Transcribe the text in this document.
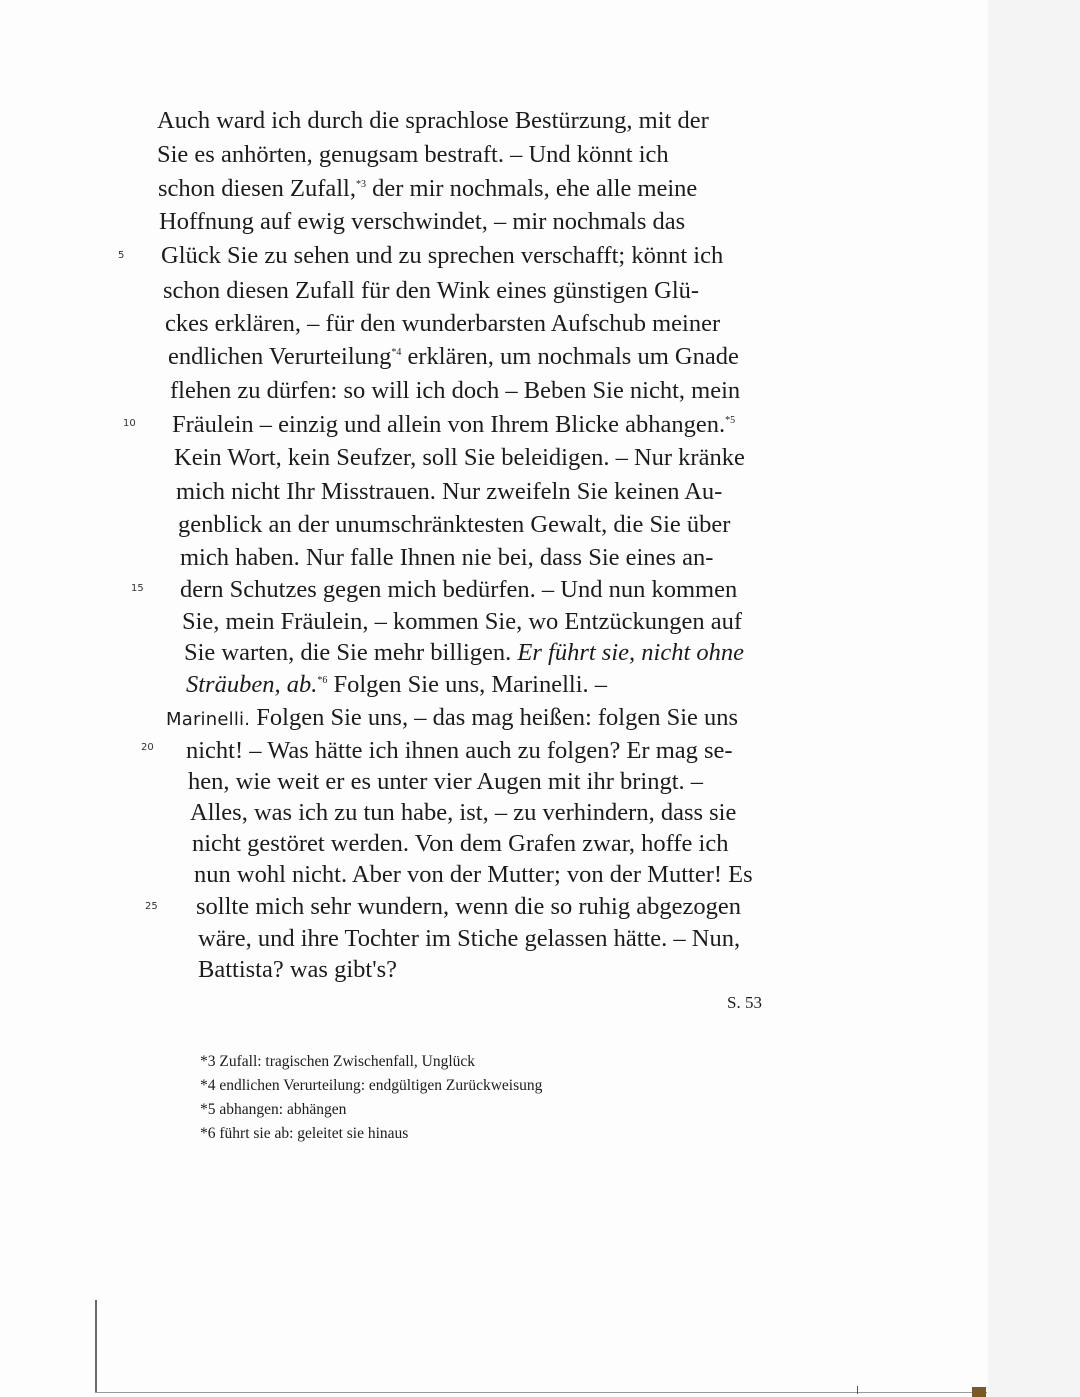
Auch ward ich durch die sprachlose Bestürzung, mit der
Sie es anhörten, genugsam bestraft. – Und könnt ich
schon diesen Zufall,$^{*3}$ der mir nochmals, ehe alle meine
Hoffnung auf ewig verschwindet, – mir nochmals das
Glück Sie zu sehen und zu sprechen verschafft; könnt ich
schon diesen Zufall für den Wink eines günstigen Glü-
ckes erklären, – für den wunderbarsten Aufschub meiner
endlichen Verurteilung$^{*4}$ erklären, um nochmals um Gnade
flehen zu dürfen: so will ich doch – Beben Sie nicht, mein
Fräulein – einzig und allein von Ihrem Blicke abhangen.$^{*5}$
Kein Wort, kein Seufzer, soll Sie beleidigen. – Nur kränke
mich nicht Ihr Misstrauen. Nur zweifeln Sie keinen Au-
genblick an der unumschränktesten Gewalt, die Sie über
mich haben. Nur falle Ihnen nie bei, dass Sie eines an-
dern Schutzes gegen mich bedürfen. – Und nun kommen
Sie, mein Fräulein, – kommen Sie, wo Entzückungen auf
Sie warten, die Sie mehr billigen. Er führt sie, nicht ohne
Sträuben, ab.$^{*6}$ Folgen Sie uns, Marinelli. –
Marinelli. Folgen Sie uns, – das mag heißen: folgen Sie uns
nicht! – Was hätte ich ihnen auch zu folgen? Er mag se-
hen, wie weit er es unter vier Augen mit ihr bringt. –
Alles, was ich zu tun habe, ist, – zu verhindern, dass sie
nicht gestöret werden. Von dem Grafen zwar, hoffe ich
nun wohl nicht. Aber von der Mutter; von der Mutter! Es
sollte mich sehr wundern, wenn die so ruhig abgezogen
wäre, und ihre Tochter im Stiche gelassen hätte. – Nun,
Battista? was gibt's?
5
10
15
20
25
S. 53
*3 Zufall: tragischen Zwischenfall, Unglück
*4 endlichen Verurteilung: endgültigen Zurückweisung
*5 abhangen: abhängen
*6 führt sie ab: geleitet sie hinaus
